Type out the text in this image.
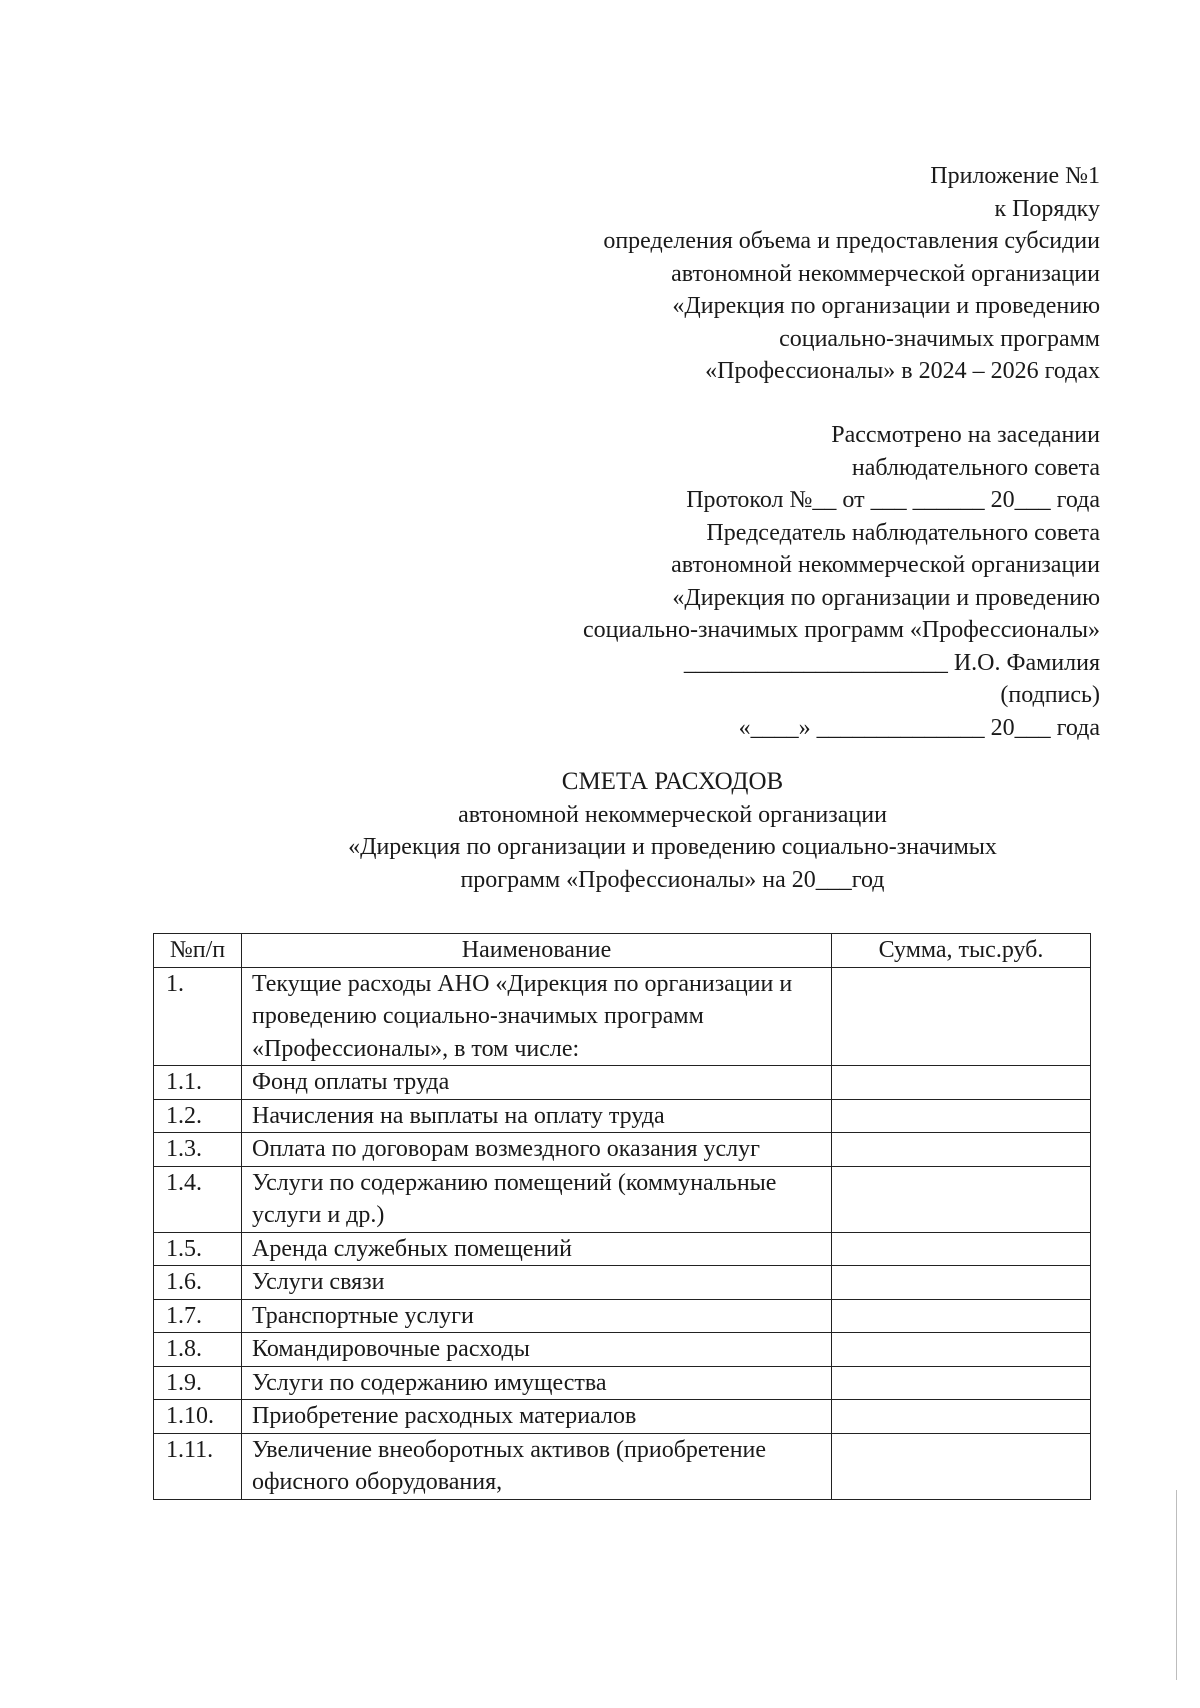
Приложение №1
к Порядку
определения объема и предоставления субсидии
автономной некоммерческой организации
«Дирекция по организации и проведению
социально-значимых программ
«Профессионалы» в 2024 – 2026 годах
Рассмотрено на заседании
наблюдательного совета
Протокол №__ от ___ ______ 20___ года
Председатель наблюдательного совета
автономной некоммерческой организации
«Дирекция по организации и проведению
социально-значимых программ «Профессионалы»
______________________ И.О. Фамилия
(подпись)
«____» ______________ 20___ года
СМЕТА РАСХОДОВ
автономной некоммерческой организации
«Дирекция по организации и проведению социально-значимых
программ «Профессионалы» на 20___год
№п/п	Наименование	Сумма, тыс.руб.
1.	Текущие расходы АНО «Дирекция по организации и проведению социально-значимых программ «Профессионалы», в том числе:	
1.1.	Фонд оплаты труда	
1.2.	Начисления на выплаты на оплату труда	
1.3.	Оплата по договорам возмездного оказания услуг	
1.4.	Услуги по содержанию помещений (коммунальные услуги и др.)	
1.5.	Аренда служебных помещений	
1.6.	Услуги связи	
1.7.	Транспортные услуги	
1.8.	Командировочные расходы	
1.9.	Услуги по содержанию имущества	
1.10.	Приобретение расходных материалов	
1.11.	Увеличение внеоборотных активов (приобретение офисного оборудования,	
